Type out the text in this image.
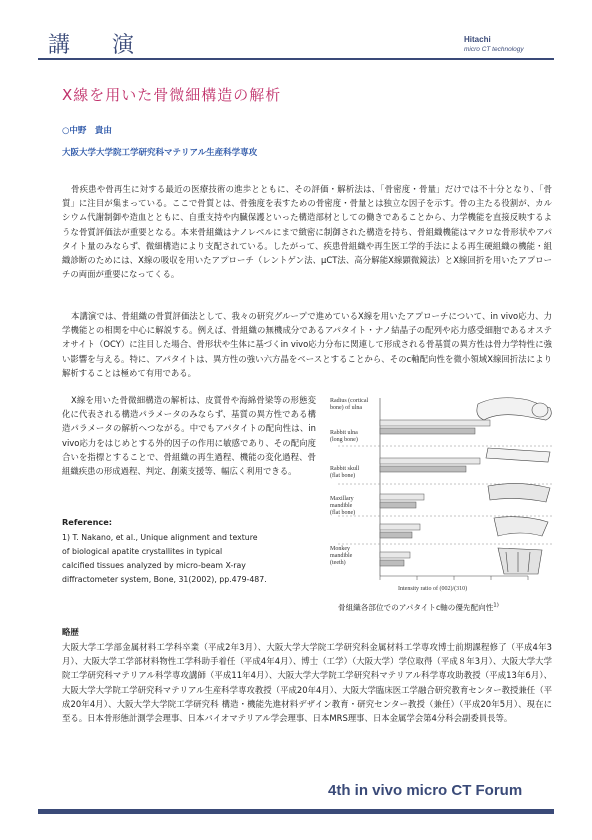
講　演	Hitachi
micro CT technology
X線を用いた骨微細構造の解析
○中野　貴由
大阪大学大学院工学研究科マテリアル生産科学専攻

骨疾患や骨再生に対する最近の医療技術の進歩とともに、その評価・解析法は、「骨密度・骨量」だけでは不十分となり、「骨質」に注目が集まっている。ここで骨質とは、骨強度を表すための骨密度・骨量とは独立な因子を示す。骨の主たる役割が、カルシウム代謝制御や造血とともに、自重支持や内臓保護といった構造部材としての働きであることから、力学機能を直接反映するような骨質評価法が重要となる。本来骨組織はナノレベルにまで緻密に制御された構造を持ち、骨組織機能はマクロな骨形状やアパタイト量のみならず、微細構造により支配されている。したがって、疾患骨組織や再生医工学的手法による再生硬組織の機能・組織診断のためには、X線の吸収を用いたアプローチ（レントゲン法、μCT法、高分解能X線顕微鏡法）とX線回折を用いたアプローチの両面が重要になってくる。

本講演では、骨組織の骨質評価法として、我々の研究グループで進めているX線を用いたアプローチについて、in vivo応力、力学機能との相関を中心に解説する。例えば、骨組織の無機成分であるアパタイト・ナノ結晶子の配列や応力感受細胞であるオステオサイト（OCY）に注目した場合、骨形状や生体に基づくin vivo応力分布に関連して形成される骨基質の異方性は骨力学特性に強い影響を与える。特に、アパタイトは、異方性の強い六方晶をベースとすることから、そのc軸配向性を微小領域X線回折法により解析することは極めて有用である。

X線を用いた骨微細構造の解析は、皮質骨や海綿骨梁等の形態変化に代表される構造パラメータのみならず、基質の異方性である構造パラメータの解析へつながる。中でもアパタイトの配向性は、in vivo応力をはじめとする外的因子の作用に敏感であり、その配向度合いを指標とすることで、骨組織の再生過程、機能の変化過程、骨組織疾患の形成過程、判定、創薬支援等、幅広く利用できる。

Reference:
1) T. Nakano, et al., Unique alignment and texture
of biological apatite crystallites in typical
calcified tissues analyzed by micro-beam X-ray
diffractometer system, Bone, 31(2002), pp.479-487.
Radius (cortical
bone) of ulna
Rabbit ulna
(long bone)
Rabbit skull
(flat bone)
Maxillary
mandible
(flat bone)
Monkey
mandible
(teeth)
Intensity ratio of (002)/(310)
骨組織各部位でのアパタイトc軸の優先配向性$^{1)}$
略歴

大阪大学工学部金属材料工学科卒業（平成2年3月）、大阪大学大学院工学研究科金属材料工学専攻博士前期課程修了（平成4年3月）、大阪大学工学部材料物性工学科助手着任（平成4年4月）、博士（工学）（大阪大学）学位取得（平成８年3月）、大阪大学大学院工学研究科マテリアル科学専攻講師（平成11年4月）、大阪大学大学院工学研究科マテリアル科学専攻助教授（平成13年6月）、大阪大学大学院工学研究科マテリアル生産科学専攻教授（平成20年4月）、大阪大学臨床医工学融合研究教育センター教授兼任（平成20年4月）、大阪大学大学院工学研究科 構造・機能先進材料デザイン教育・研究センター教授（兼任）（平成20年5月）、現在に至る。日本骨形態計測学会理事、日本バイオマテリアル学会理事、日本MRS理事、日本金属学会第4分科会副委員長等。

4th in vivo micro CT Forum
